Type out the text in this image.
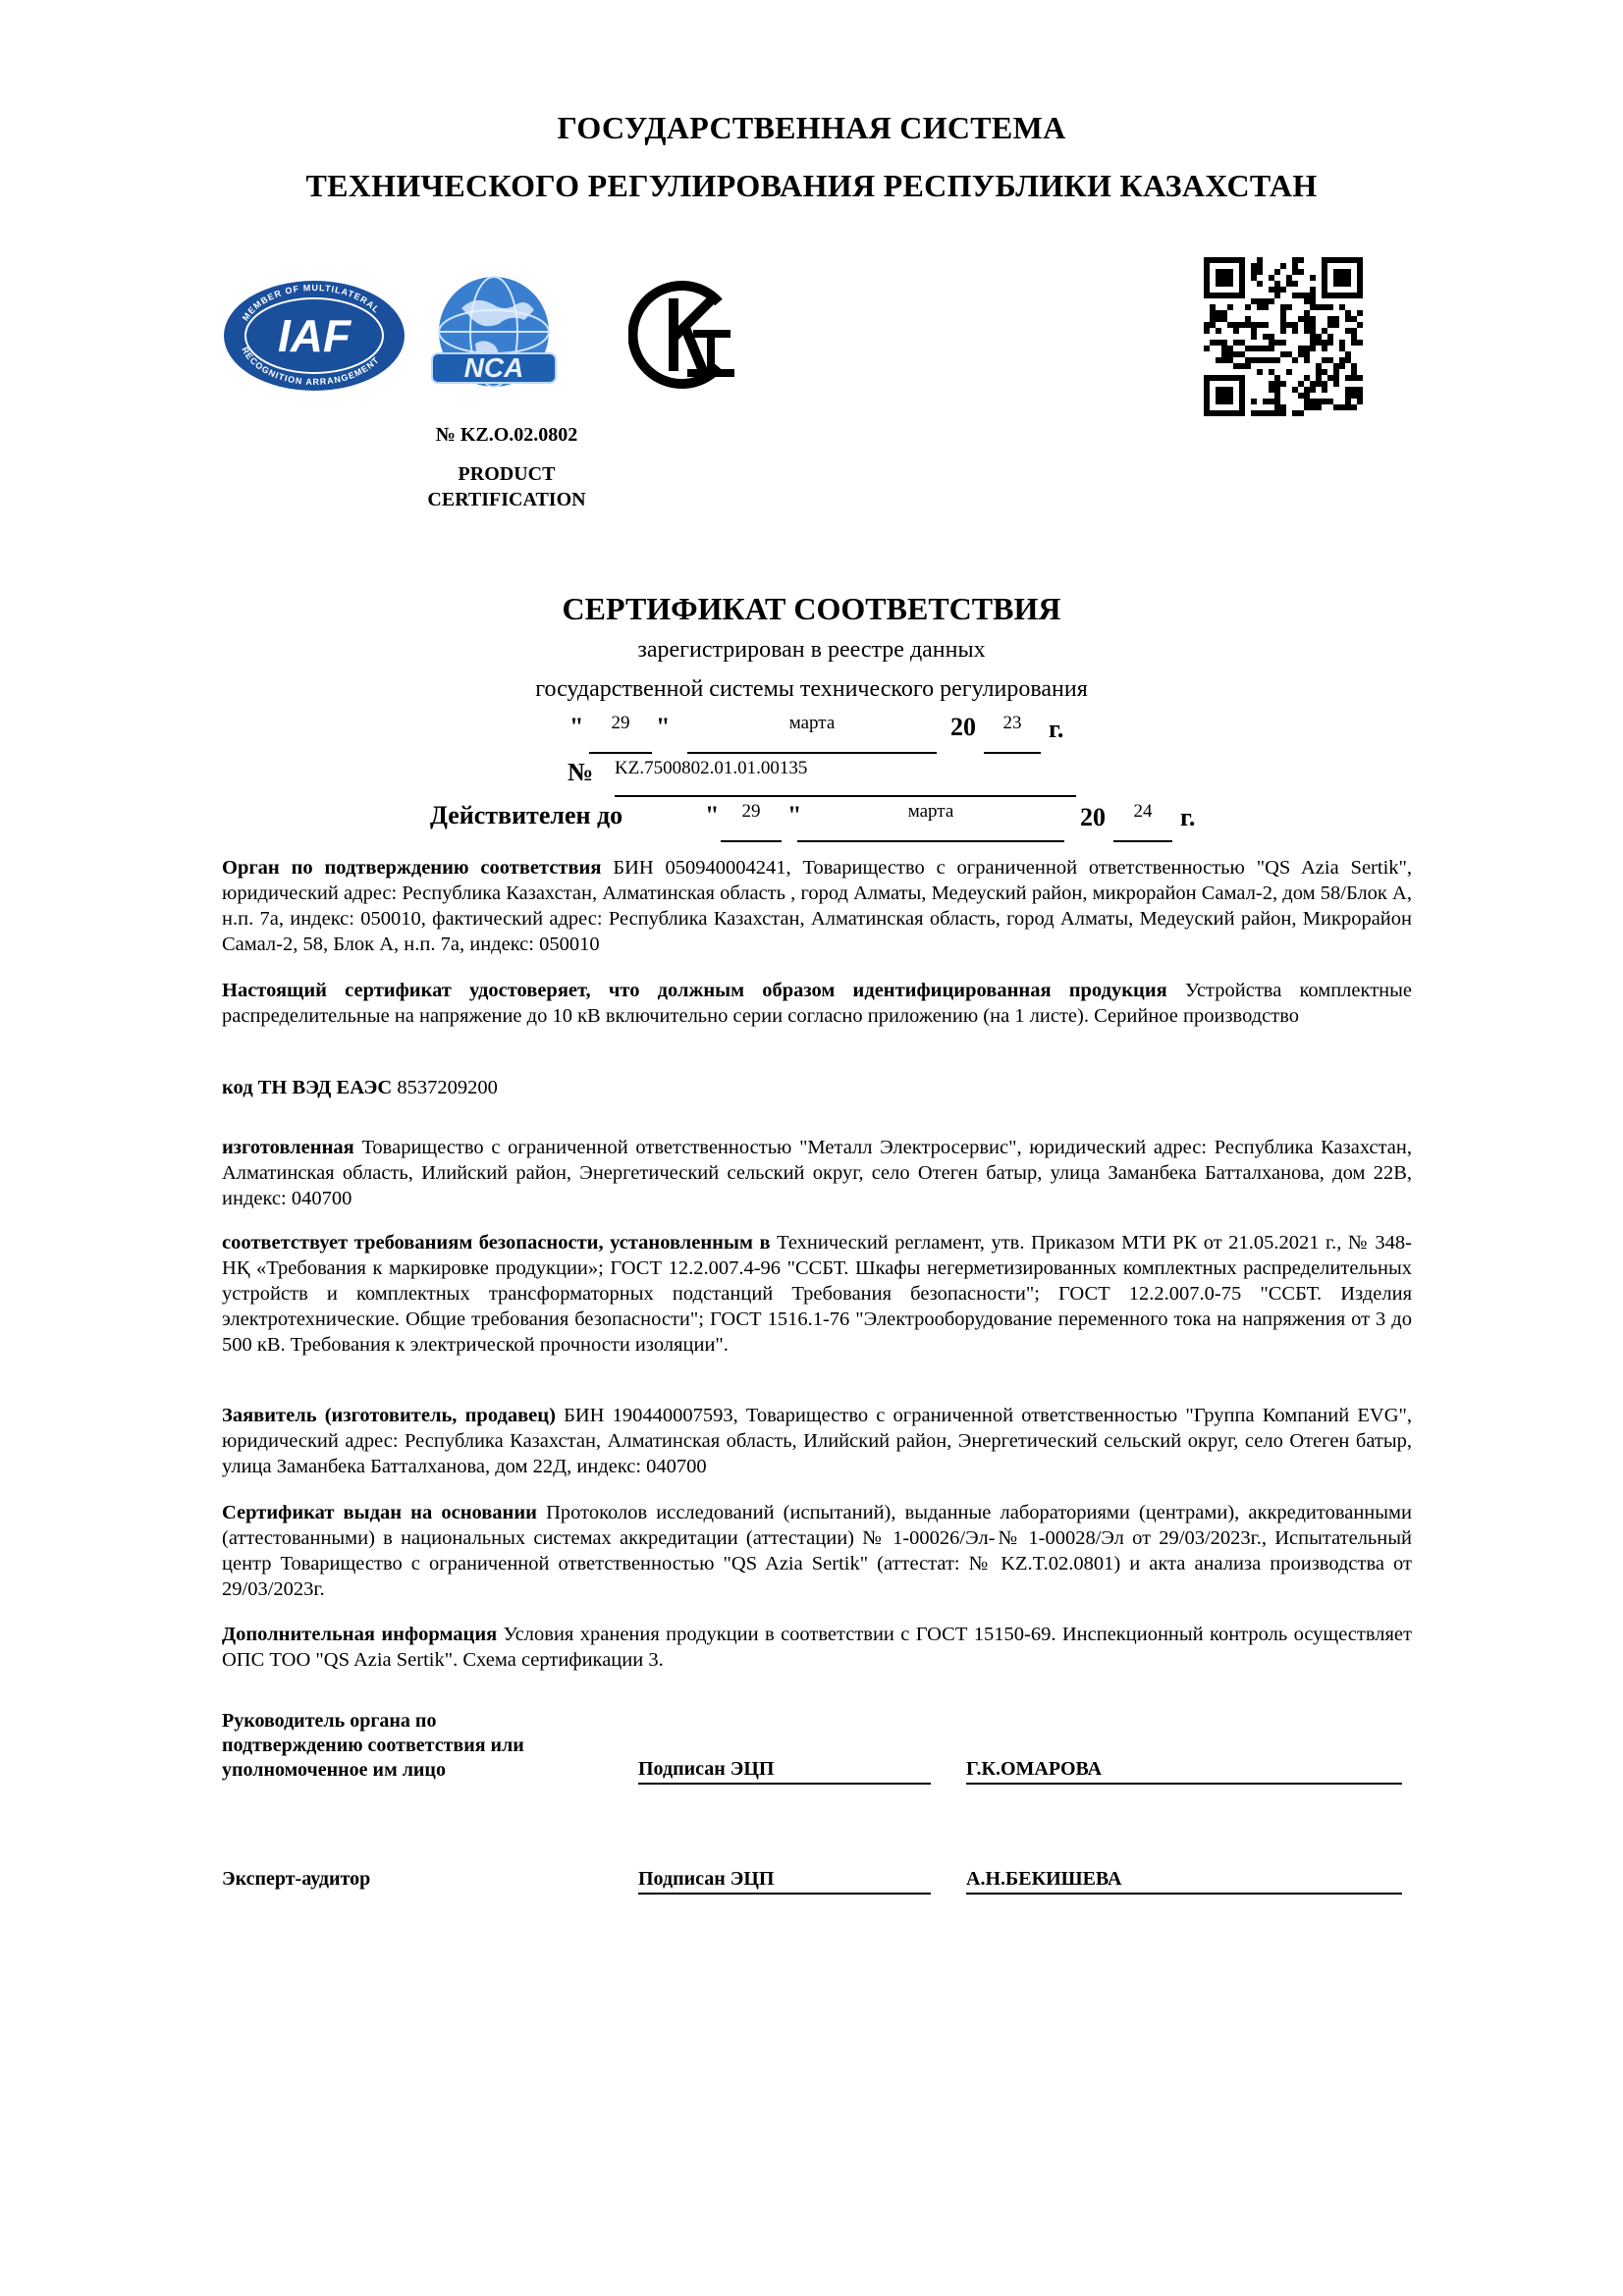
ГОСУДАРСТВЕННАЯ СИСТЕМА
ТЕХНИЧЕСКОГО РЕГУЛИРОВАНИЯ РЕСПУБЛИКИ КАЗАХСТАН
MEMBER OF MULTILATERAL
RECOGNITION ARRANGEMENT
IAF
NCA
№ KZ.O.02.0802
PRODUCT
CERTIFICATION
СЕРТИФИКАТ СООТВЕТСТВИЯ
зарегистрирован в реестре данных
государственной системы технического регулирования
"	29	"	марта	20	23	г.
№ KZ.7500802.01.01.00135
Действителен до	"	29	"	марта	20	24	г.
Орган по подтверждению соответствия БИН 050940004241, Товарищество с ограниченной ответственностью "QS Azia Sertik", юридический адрес: Республика Казахстан, Алматинская область , город Алматы, Медеуский район, микрорайон Самал-2, дом 58/Блок А, н.п. 7а, индекс: 050010, фактический адрес: Республика Казахстан, Алматинская область, город Алматы, Медеуский район, Микрорайон Самал-2, 58, Блок А, н.п. 7а, индекс: 050010
Настоящий сертификат удостоверяет, что должным образом идентифицированная продукция Устройства комплектные распределительные на напряжение до 10 кВ включительно серии согласно приложению (на 1 листе). Серийное производство
код ТН ВЭД ЕАЭС 8537209200
изготовленная Товарищество с ограниченной ответственностью "Металл Электросервис", юридический адрес: Республика Казахстан, Алматинская область, Илийский район, Энергетический сельский округ, село Отеген батыр, улица Заманбека Батталханова, дом 22В, индекс: 040700
соответствует требованиям безопасности, установленным в Технический регламент, утв. Приказом МТИ РК от 21.05.2021 г., № 348-НҚ «Требования к маркировке продукции»; ГОСТ 12.2.007.4-96 "ССБТ. Шкафы негерметизированных комплектных распределительных устройств и комплектных трансформаторных подстанций Требования безопасности"; ГОСТ 12.2.007.0-75 "ССБТ. Изделия электротехнические. Общие требования безопасности"; ГОСТ 1516.1-76 "Электрооборудование переменного тока на напряжения от 3 до 500 кВ. Требования к электрической прочности изоляции".
Заявитель (изготовитель, продавец) БИН 190440007593, Товарищество с ограниченной ответственностью "Группа Компаний EVG", юридический адрес: Республика Казахстан, Алматинская область, Илийский район, Энергетический сельский округ, село Отеген батыр, улица Заманбека Батталханова, дом 22Д, индекс: 040700
Сертификат выдан на основании Протоколов исследований (испытаний), выданные лабораториями (центрами), аккредитованными (аттестованными) в национальных системах аккредитации (аттестации) № 1-00026/Эл-№ 1-00028/Эл от 29/03/2023г., Испытательный центр Товарищество с ограниченной ответственностью "QS Azia Sertik" (аттестат: № KZ.T.02.0801) и акта анализа производства от 29/03/2023г.
Дополнительная информация Условия хранения продукции в соответствии с ГОСТ 15150-69. Инспекционный контроль осуществляет ОПС ТОО "QS Azia Sertik". Схема сертификации 3.
Руководитель органа по
подтверждению соответствия или
уполномоченное им лицо	Подписан ЭЦП	Г.К.ОМАРОВА
Эксперт-аудитор	Подписан ЭЦП	А.Н.БЕКИШЕВА
